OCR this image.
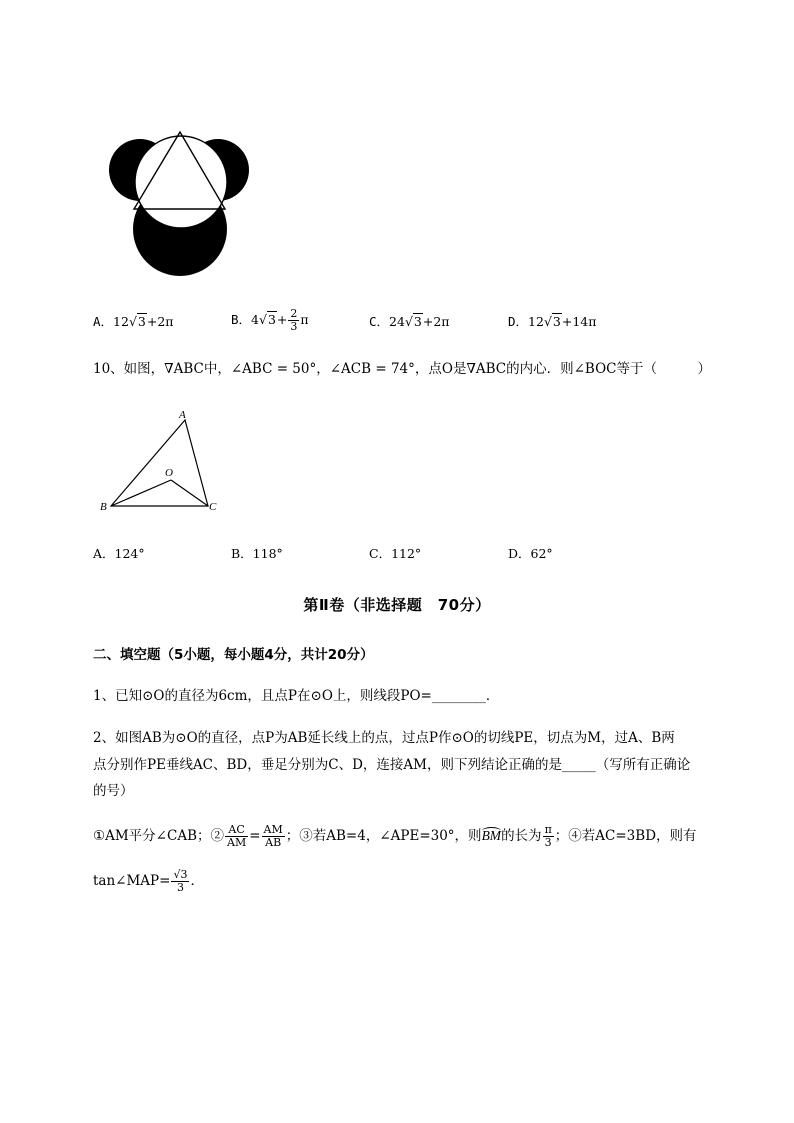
A．12√3+2π	B．$4√3+ \frac{2}{3}$ π	C．24√3+2π	D．12√3+14π
10、如图，∇ABC中，∠ABC = 50°，∠ACB = 74°，点O是∇ABC的内心．则∠BOC等于（　　　）
A
B	C
O
A．124°	B．118°	C．112°	D．62°
第Ⅱ卷（非选择题　70分）
二、填空题（5小题，每小题4分，共计20分）
1、已知⊙O的直径为6cm，且点P在⊙O上，则线段PO=________．
2、如图AB为⊙O的直径，点P为AB延长线上的点，过点P作⊙O的切线PE，切点为M，过A、B两
点分别作PE垂线AC、BD，垂足分别为C、D，连接AM，则下列结论正确的是_____（写所有正确论
的号）
①AM平分∠CAB；② $\frac{AC}{AM} = \frac{AM}{AB}$ ；③若AB=4，∠APE=30°，则BM的长为 $\frac{\pi}{3}$ ；④若AC=3BD，则有
tan∠MAP= $\frac{√3}{3}$ ．
